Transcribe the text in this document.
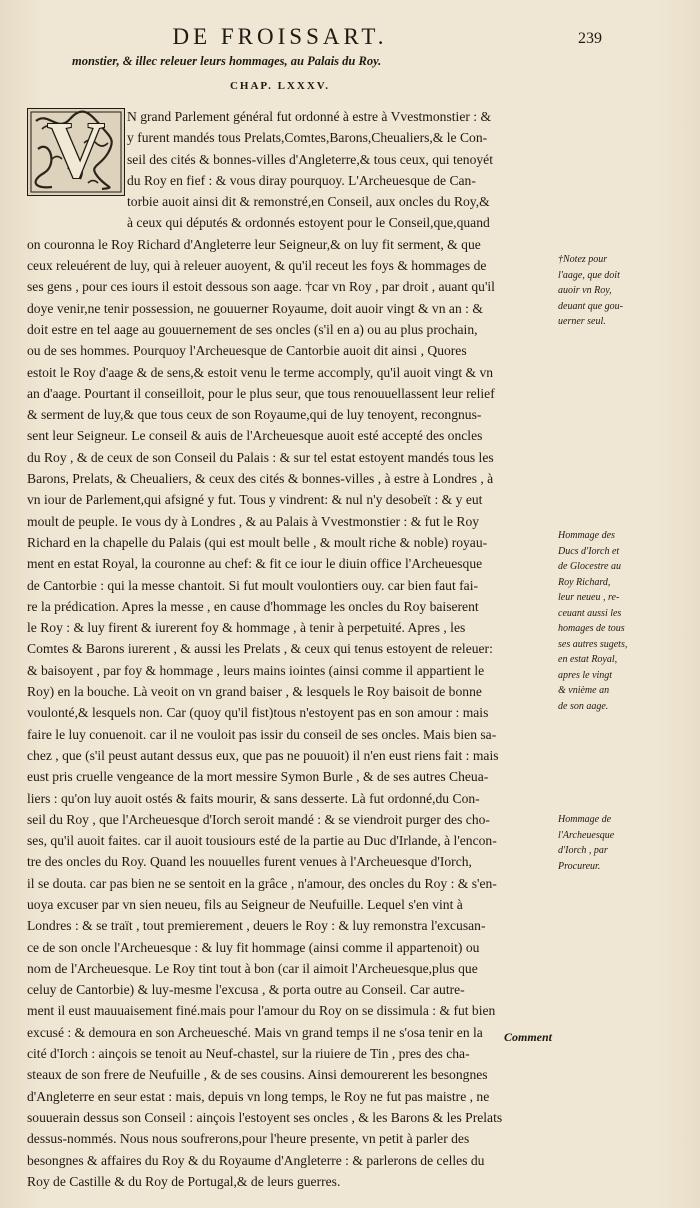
DE FROISSART.	239
monstier, & illec releuer leurs hommages, au Palais du Roy.
CHAP. LXXXV.
V	N grand Parlement général fut ordonné à estre à Vvestmonstier : &
y furent mandés tous Prelats,Comtes,Barons,Cheualiers,& le Con-
seil des cités & bonnes-villes d'Angleterre,& tous ceux, qui tenoyét
du Roy en fief : & vous diray pourquoy. L'Archeuesque de Can-
torbie auoit ainsi dit & remonstré,en Conseil, aux oncles du Roy,&
à ceux qui députés & ordonnés estoyent pour le Conseil,que,quand
on couronna le Roy Richard d'Angleterre leur Seigneur,& on luy fit serment, & que
ceux releuérent de luy, qui à releuer auoyent, & qu'il receut les foys & hommages de
ses gens , pour ces iours il estoit dessous son aage. †car vn Roy , par droit , auant qu'il
doye venir,ne tenir possession, ne gouuerner Royaume, doit auoir vingt & vn an : &
doit estre en tel aage au gouuernement de ses oncles (s'il en a) ou au plus prochain,
ou de ses hommes. Pourquoy l'Archeuesque de Cantorbie auoit dit ainsi , Quores
estoit le Roy d'aage & de sens,& estoit venu le terme accomply, qu'il auoit vingt & vn
an d'aage. Pourtant il conseilloit, pour le plus seur, que tous renouuellassent leur relief
& serment de luy,& que tous ceux de son Royaume,qui de luy tenoyent, recongnus-
sent leur Seigneur. Le conseil & auis de l'Archeuesque auoit esté accepté des oncles
du Roy , & de ceux de son Conseil du Palais : & sur tel estat estoyent mandés tous les
Barons, Prelats, & Cheualiers, & ceux des cités & bonnes-villes , à estre à Londres , à
vn iour de Parlement,qui afsigné y fut. Tous y vindrent: & nul n'y desobeït : & y eut
moult de peuple. Ie vous dy à Londres , & au Palais à Vvestmonstier : & fut le Roy
Richard en la chapelle du Palais (qui est moult belle , & moult riche & noble) royau-
ment en estat Royal, la couronne au chef: & fit ce iour le diuin office l'Archeuesque
de Cantorbie : qui la messe chantoit. Si fut moult voulontiers ouy. car bien faut fai-
re la prédication. Apres la messe , en cause d'hommage les oncles du Roy baiserent
le Roy : & luy firent & iurerent foy & hommage , à tenir à perpetuité. Apres , les
Comtes & Barons iurerent , & aussi les Prelats , & ceux qui tenus estoyent de releuer:
& baisoyent , par foy & hommage , leurs mains iointes (ainsi comme il appartient le
Roy) en la bouche. Là veoit on vn grand baiser , & lesquels le Roy baisoit de bonne
voulonté,& lesquels non. Car (quoy qu'il fist)tous n'estoyent pas en son amour : mais
faire le luy conuenoit. car il ne vouloit pas issir du conseil de ses oncles. Mais bien sa-
chez , que (s'il peust autant dessus eux, que pas ne pouuoit) il n'en eust riens fait : mais
eust pris cruelle vengeance de la mort messire Symon Burle , & de ses autres Cheua-
liers : qu'on luy auoit ostés & faits mourir, & sans desserte. Là fut ordonné,du Con-
seil du Roy , que l'Archeuesque d'Iorch seroit mandé : & se viendroit purger des cho-
ses, qu'il auoit faites. car il auoit tousiours esté de la partie au Duc d'Irlande, à l'encon-
tre des oncles du Roy. Quand les nouuelles furent venues à l'Archeuesque d'Iorch,
il se douta. car pas bien ne se sentoit en la grâce , n'amour, des oncles du Roy : & s'en-
uoya excuser par vn sien neueu, fils au Seigneur de Neufuille. Lequel s'en vint à
Londres : & se traït , tout premierement , deuers le Roy : & luy remonstra l'excusan-
ce de son oncle l'Archeuesque : & luy fit hommage (ainsi comme il appartenoit) ou
nom de l'Archeuesque. Le Roy tint tout à bon (car il aimoit l'Archeuesque,plus que
celuy de Cantorbie) & luy-mesme l'excusa , & porta outre au Conseil. Car autre-
ment il eust mauuaisement finé.mais pour l'amour du Roy on se dissimula : & fut bien
excusé : & demoura en son Archeuesché. Mais vn grand temps il ne s'osa tenir en la
cité d'Iorch : ainçois se tenoit au Neuf-chastel, sur la riuiere de Tin , pres des cha-
steaux de son frere de Neufuille , & de ses cousins. Ainsi demourerent les besongnes
d'Angleterre en seur estat : mais, depuis vn long temps, le Roy ne fut pas maistre , ne
souuerain dessus son Conseil : ainçois l'estoyent ses oncles , & les Barons & les Prelats
dessus-nommés. Nous nous soufrerons,pour l'heure presente, vn petit à parler des
besongnes & affaires du Roy & du Royaume d'Angleterre : & parlerons de celles du
Roy de Castille & du Roy de Portugal,& de leurs guerres.
†Notez pour
l'aage, que doit
auoir vn Roy,
deuant que gou-
uerner seul.
Hommage des
Ducs d'Iorch et
de Glocestre au
Roy Richard,
leur neueu , re-
ceuant aussi les
homages de tous
ses autres sugets,
en estat Royal,
apres le vingt
& vnième an
de son aage.
Hommage de
l'Archeuesque
d'Iorch , par
Procureur.
Comment
